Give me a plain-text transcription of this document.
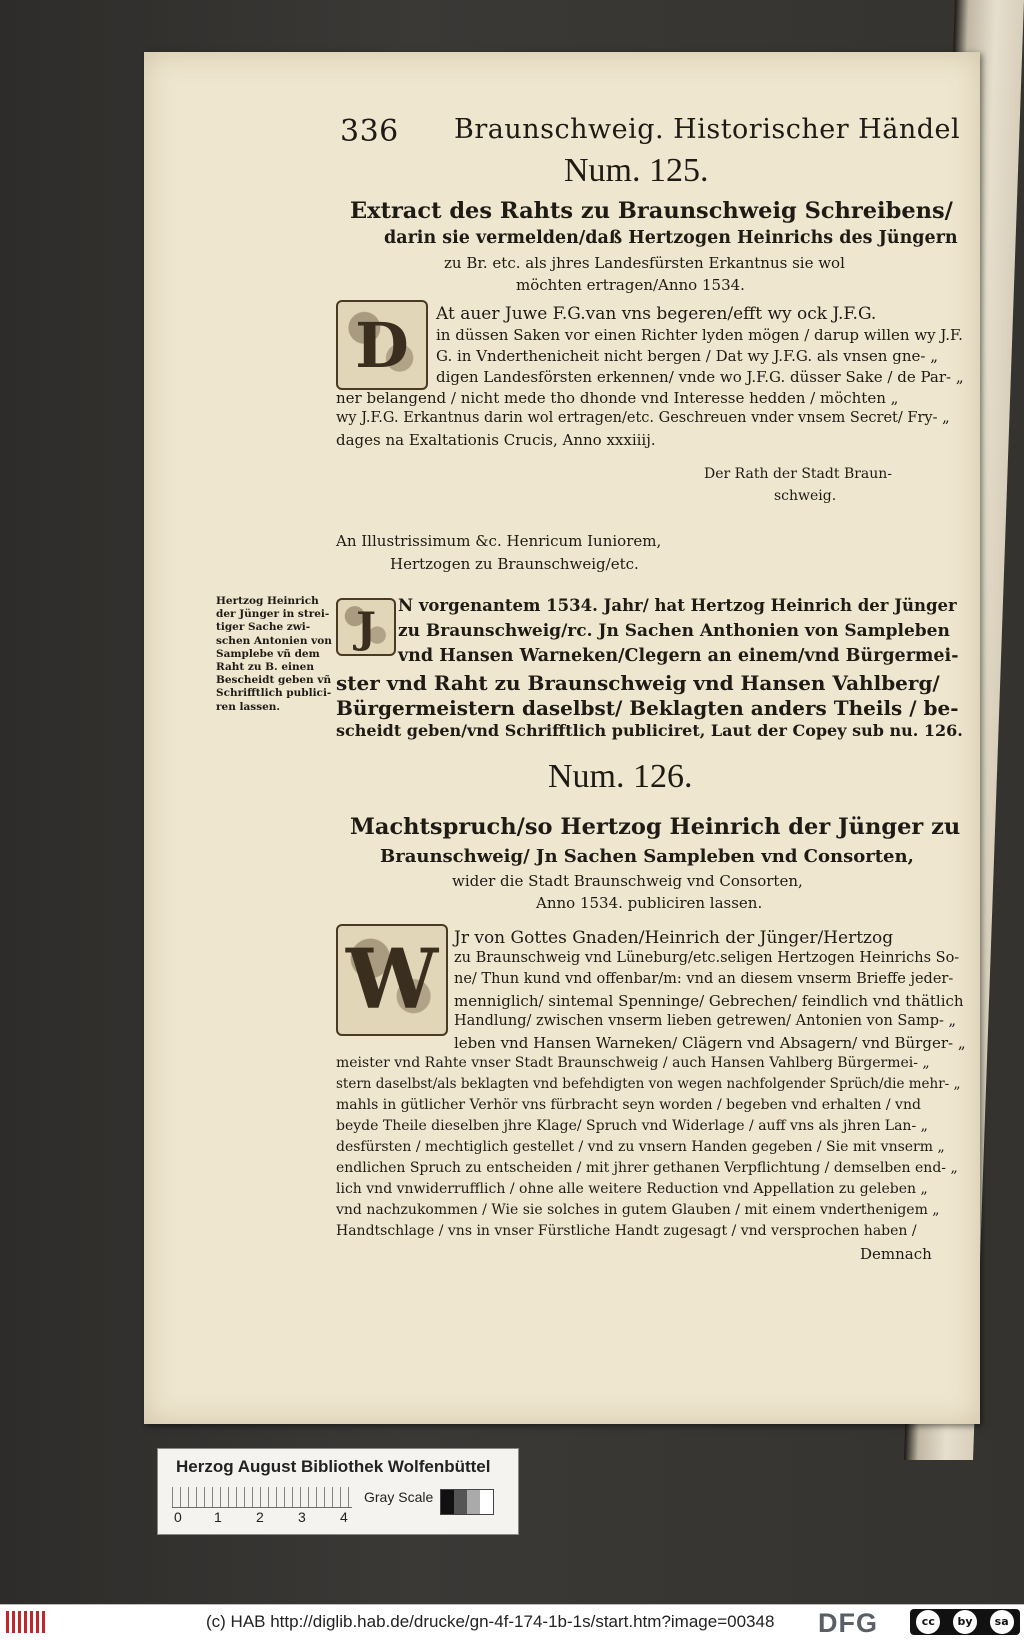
336 Braunschweig. Historischer Händel
Num. 125.
Extract des Rahts zu Braunschweig Schreibens/
darin sie vermelden/daß Hertzogen Heinrichs des Jüngern
zu Br. etc. als jhres Landesfürsten Erkantnus sie wol
möchten ertragen/Anno 1534.
D	At auer Juwe F.G.van vns begeren/efft wy ock J.F.G.
in düssen Saken vor einen Richter lyden mögen / darup willen wy J.F.
G. in Vnderthenicheit nicht bergen / Dat wy J.F.G. als vnsen gne- „
digen Landesförsten erkennen/ vnde wo J.F.G. düsser Sake / de Par- „
ner belangend / nicht mede tho dhonde vnd Interesse hedden / möchten „
wy J.F.G. Erkantnus darin wol ertragen/etc. Geschreuen vnder vnsem Secret/ Fry- „
dages na Exaltationis Crucis, Anno xxxiiij.
Der Rath der Stadt Braun-
schweig.
An Illustrissimum &c. Henricum Iuniorem,
Hertzogen zu Braunschweig/etc.
Hertzog Heinrich
der Jünger in strei-
tiger Sache zwi-
schen Antonien von
Samplebe vñ dem
Raht zu B. einen
Bescheidt geben vñ
Schrifftlich publici-
ren lassen.
J	N vorgenantem 1534. Jahr/ hat Hertzog Heinrich der Jünger
zu Braunschweig/rc. Jn Sachen Anthonien von Sampleben
vnd Hansen Warneken/Clegern an einem/vnd Bürgermei-
ster vnd Raht zu Braunschweig vnd Hansen Vahlberg/
Bürgermeistern daselbst/ Beklagten anders Theils / be-
scheidt geben/vnd Schrifftlich publiciret, Laut der Copey sub nu. 126.
Num. 126.
Machtspruch/so Hertzog Heinrich der Jünger zu
Braunschweig/ Jn Sachen Sampleben vnd Consorten,
wider die Stadt Braunschweig vnd Consorten,
Anno 1534. publiciren lassen.
W Jr von Gottes Gnaden/Heinrich der Jünger/Hertzog
zu Braunschweig vnd Lüneburg/etc.seligen Hertzogen Heinrichs So-
ne/ Thun kund vnd offenbar/m: vnd an diesem vnserm Brieffe jeder-
menniglich/ sintemal Spenninge/ Gebrechen/ feindlich vnd thätlich
Handlung/ zwischen vnserm lieben getrewen/ Antonien von Samp- „
leben vnd Hansen Warneken/ Clägern vnd Absagern/ vnd Bürger- „
meister vnd Rahte vnser Stadt Braunschweig / auch Hansen Vahlberg Bürgermei- „
stern daselbst/als beklagten vnd befehdigten von wegen nachfolgender Sprüch/die mehr- „
mahls in gütlicher Verhör vns fürbracht seyn worden / begeben vnd erhalten / vnd
beyde Theile dieselben jhre Klage/ Spruch vnd Widerlage / auff vns als jhren Lan- „
desfürsten / mechtiglich gestellet / vnd zu vnsern Handen gegeben / Sie mit vnserm „
endlichen Spruch zu entscheiden / mit jhrer gethanen Verpflichtung / demselben end- „
lich vnd vnwiderrufflich / ohne alle weitere Reduction vnd Appellation zu geleben „
vnd nachzukommen / Wie sie solches in gutem Glauben / mit einem vnderthenigem „
Handtschlage / vns in vnser Fürstliche Handt zugesagt / vnd versprochen haben /
Demnach
Herzog August Bibliothek Wolfenbüttel
0 1 2 3 4
Gray Scale
(c) HAB http://diglib.hab.de/drucke/gn-4f-174-1b-1s/start.htm?image=00348 DFG	cc	by	sa
